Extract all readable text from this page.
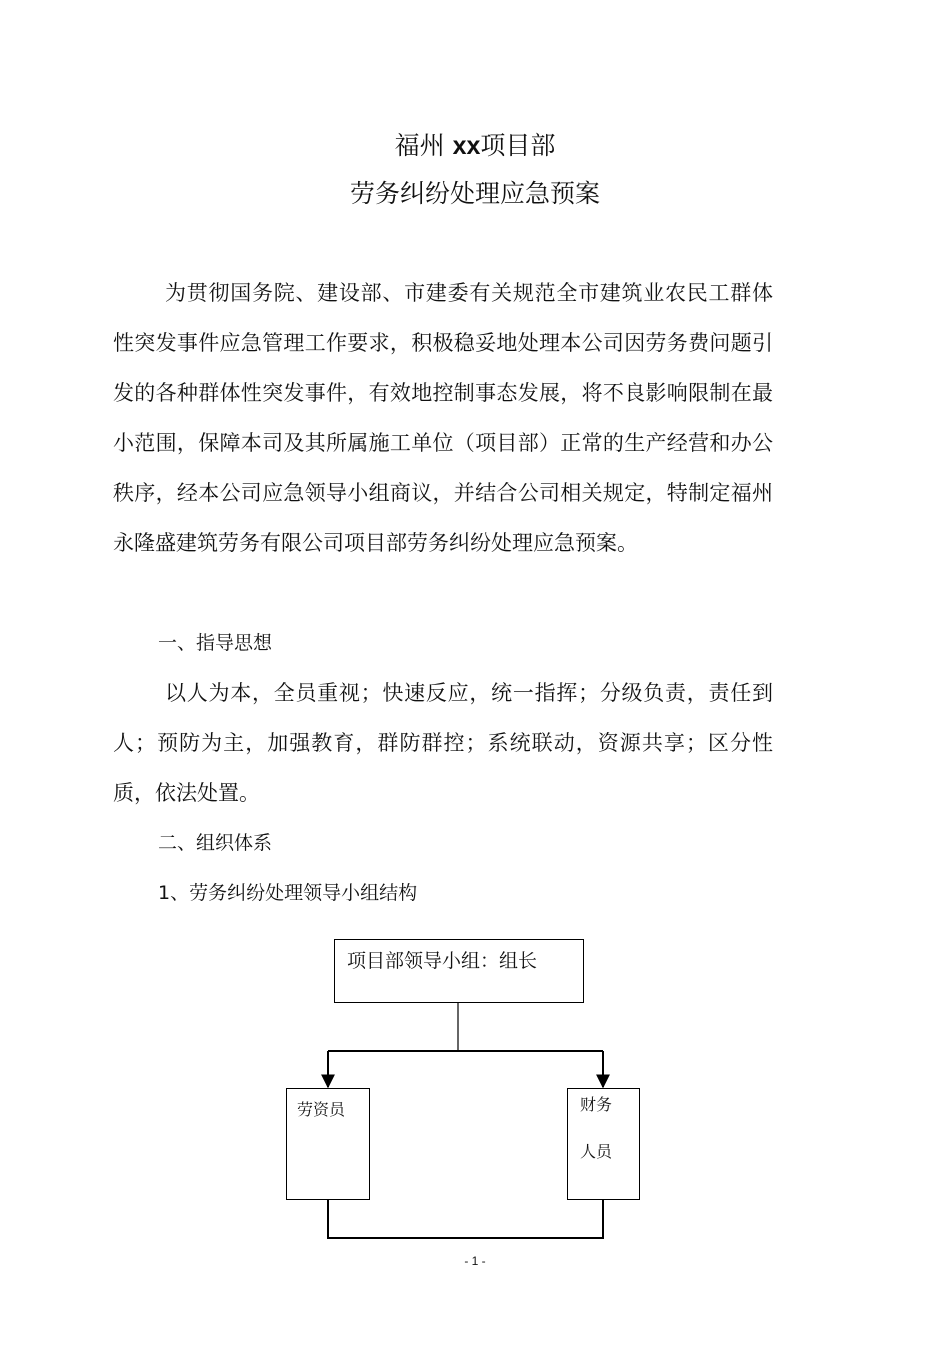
福州 xx项目部
劳务纠纷处理应急预案
为贯彻国务院、建设部、市建委有关规范全市建筑业农民工群体性突发事件应急管理工作要求，积极稳妥地处理本公司因劳务费问题引发的各种群体性突发事件，有效地控制事态发展，将不良影响限制在最小范围，保障本司及其所属施工单位（项目部）正常的生产经营和办公秩序，经本公司应急领导小组商议，并结合公司相关规定，特制定福州永隆盛建筑劳务有限公司项目部劳务纠纷处理应急预案。
一、指导思想
以人为本，全员重视；快速反应，统一指挥；分级负责，责任到人；预防为主，加强教育，群防群控；系统联动，资源共享；区分性质，依法处置。
二、组织体系
1、劳务纠纷处理领导小组结构
项目部领导小组：组长
劳资员	财务
人员
- 1 -
